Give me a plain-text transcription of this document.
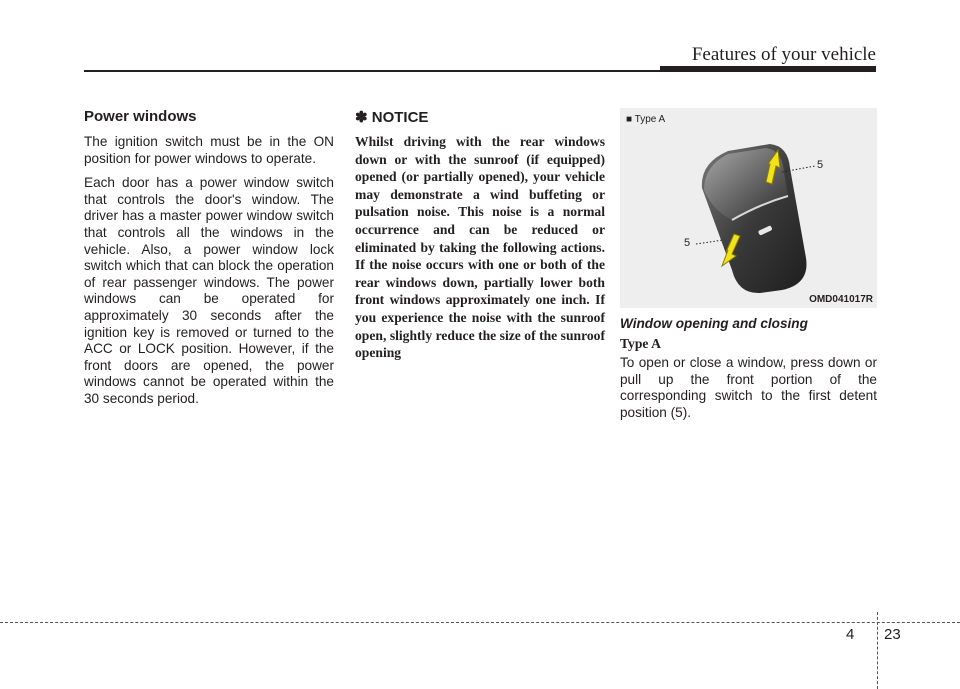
Features of your vehicle
Power windows

The ignition switch must be in the ON position for power windows to operate.

Each door has a power window switch that controls the door's window. The driver has a master power window switch that controls all the windows in the vehicle. Also, a power window lock switch which that can block the operation of rear passenger windows. The power windows can be operated for approximately 30 seconds after the ignition key is removed or turned to the ACC or LOCK position. However, if the front doors are opened, the power windows cannot be operated within the 30 seconds period.

✽ NOTICE

Whilst driving with the rear windows down or with the sunroof (if equipped) opened (or partially opened), your vehicle may demonstrate a wind buffeting or pulsation noise. This noise is a normal occurrence and can be reduced or eliminated by taking the following actions. If the noise occurs with one or both of the rear windows down, partially lower both front windows approximately one inch. If you experience the noise with the sunroof open, slightly reduce the size of the sunroof opening

■ Type A
5
5
OMD041017R
Window opening and closing
Type A

To open or close a window, press down or pull up the front portion of the corresponding switch to the first detent position (5).

4 23
